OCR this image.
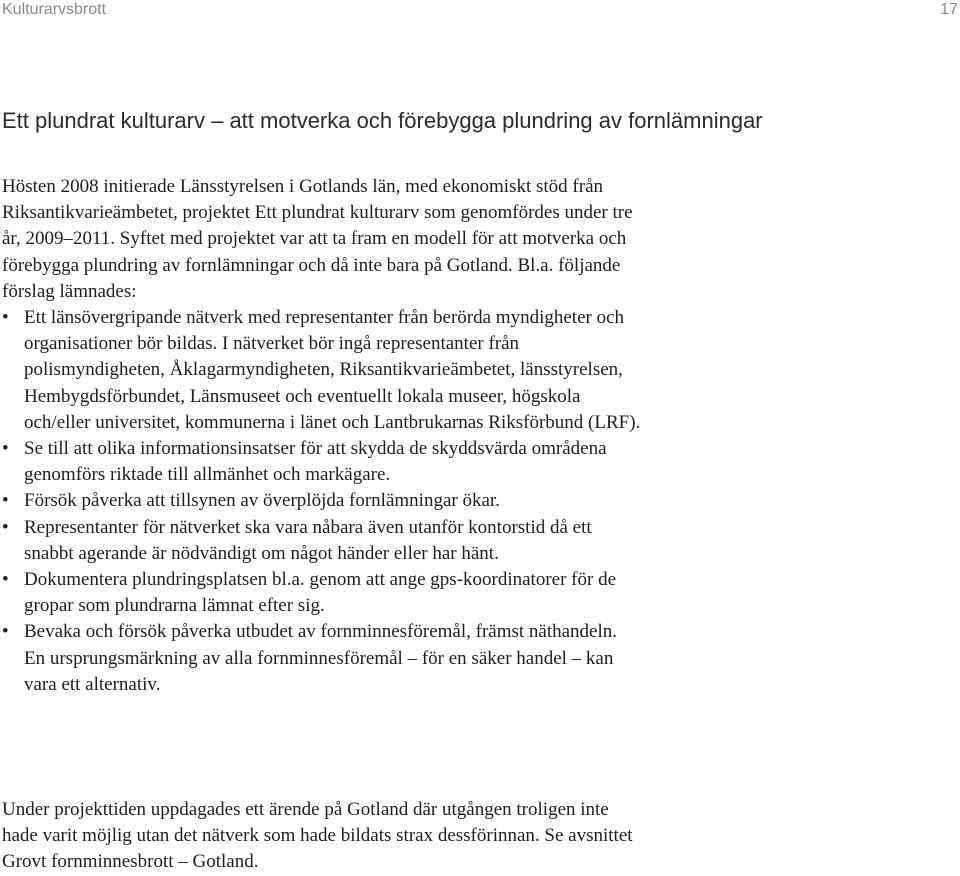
Kulturarvsbrott	17
Ett plundrat kulturarv – att motverka och förebygga plundring av fornlämningar

Hösten 2008 initierade Länsstyrelsen i Gotlands län, med ekonomiskt stöd från Riksantikvarieämbetet, projektet Ett plundrat kulturarv som genomfördes under tre år, 2009–2011. Syftet med projektet var att ta fram en modell för att motverka och förebygga plundring av fornlämningar och då inte bara på Gotland. Bl.a. följande förslag lämnades:

• Ett länsövergripande nätverk med representanter från berörda myndigheter och organisationer bör bildas. I nätverket bör ingå representanter från polismyndigheten, Åklagarmyndigheten, Riksantikvarieämbetet, länsstyrelsen, Hembygdsförbundet, Länsmuseet och eventuellt lokala museer, högskola och/eller universitet, kommunerna i länet och Lantbrukarnas Riksförbund (LRF).
• Se till att olika informationsinsatser för att skydda de skyddsvärda områdena genomförs riktade till allmänhet och markägare.
• Försök påverka att tillsynen av överplöjda fornlämningar ökar.
• Representanter för nätverket ska vara nåbara även utanför kontorstid då ett snabbt agerande är nödvändigt om något händer eller har hänt.
• Dokumentera plundringsplatsen bl.a. genom att ange gps-koordinatorer för de gropar som plundrarna lämnat efter sig.
• Bevaka och försök påverka utbudet av fornminnesföremål, främst näthandeln. En ursprungsmärkning av alla fornminnesföremål – för en säker handel – kan vara ett alternativ.

Under projekttiden uppdagades ett ärende på Gotland där utgången troligen inte hade varit möjlig utan det nätverk som hade bildats strax dessförinnan. Se avsnittet Grovt fornminnesbrott – Gotland.
